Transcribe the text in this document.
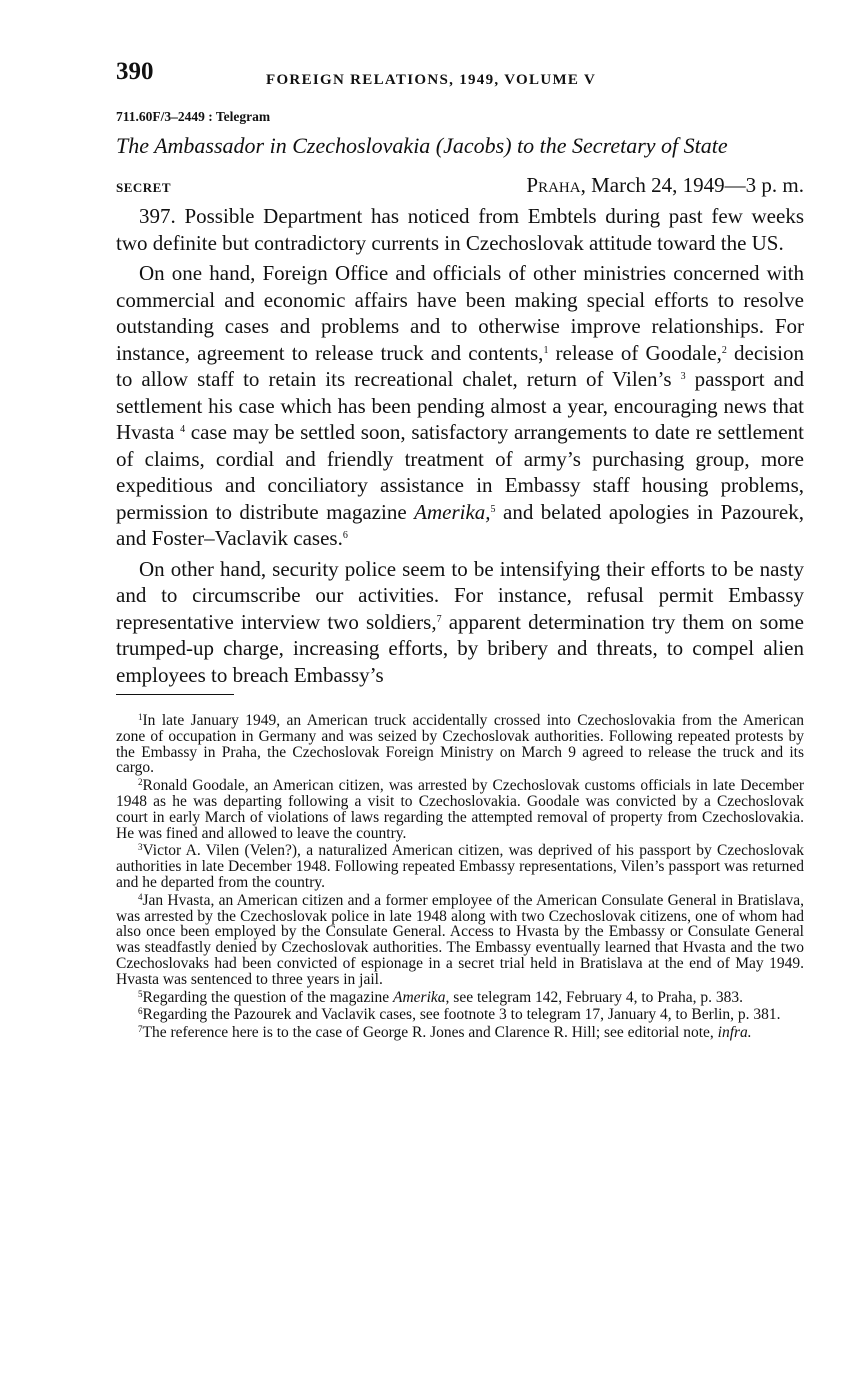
390	FOREIGN RELATIONS, 1949, VOLUME V
711.60F/3–2449 : Telegram
The Ambassador in Czechoslovakia (Jacobs) to the Secretary of State
SECRET	Praha, March 24, 1949—3 p. m.

397. Possible Department has noticed from Embtels during past few weeks two definite but contradictory currents in Czechoslovak attitude toward the US.

On one hand, Foreign Office and officials of other ministries concerned with commercial and economic affairs have been making special efforts to resolve outstanding cases and problems and to otherwise improve relationships. For instance, agreement to release truck and contents,$^1$ release of Goodale,$^2$ decision to allow staff to retain its recreational chalet, return of Vilen’s $^3$ passport and settlement his case which has been pending almost a year, encouraging news that Hvasta $^4$ case may be settled soon, satisfactory arrangements to date re settlement of claims, cordial and friendly treatment of army’s purchasing group, more expeditious and conciliatory assistance in Embassy staff housing problems, permission to distribute magazine Amerika,$^5$ and belated apologies in Pazourek, and Foster–Vaclavik cases.$^6$

On other hand, security police seem to be intensifying their efforts to be nasty and to circumscribe our activities. For instance, refusal permit Embassy representative interview two soldiers,$^7$ apparent determination try them on some trumped-up charge, increasing efforts, by bribery and threats, to compel alien employees to breach Embassy’s

$^1$In late January 1949, an American truck accidentally crossed into Czechoslovakia from the American zone of occupation in Germany and was seized by Czechoslovak authorities. Following repeated protests by the Embassy in Praha, the Czechoslovak Foreign Ministry on March 9 agreed to release the truck and its cargo.

$^2$Ronald Goodale, an American citizen, was arrested by Czechoslovak customs officials in late December 1948 as he was departing following a visit to Czechoslovakia. Goodale was convicted by a Czechoslovak court in early March of violations of laws regarding the attempted removal of property from Czechoslovakia. He was fined and allowed to leave the country.

$^3$Victor A. Vilen (Velen?), a naturalized American citizen, was deprived of his passport by Czechoslovak authorities in late December 1948. Following repeated Embassy representations, Vilen’s passport was returned and he departed from the country.

$^4$Jan Hvasta, an American citizen and a former employee of the American Consulate General in Bratislava, was arrested by the Czechoslovak police in late 1948 along with two Czechoslovak citizens, one of whom had also once been employed by the Consulate General. Access to Hvasta by the Embassy or Consulate General was steadfastly denied by Czechoslovak authorities. The Embassy eventually learned that Hvasta and the two Czechoslovaks had been convicted of espionage in a secret trial held in Bratislava at the end of May 1949. Hvasta was sentenced to three years in jail.

$^5$Regarding the question of the magazine Amerika, see telegram 142, February 4, to Praha, p. 383.

$^6$Regarding the Pazourek and Vaclavik cases, see footnote 3 to telegram 17, January 4, to Berlin, p. 381.

$^7$The reference here is to the case of George R. Jones and Clarence R. Hill; see editorial note, infra.
